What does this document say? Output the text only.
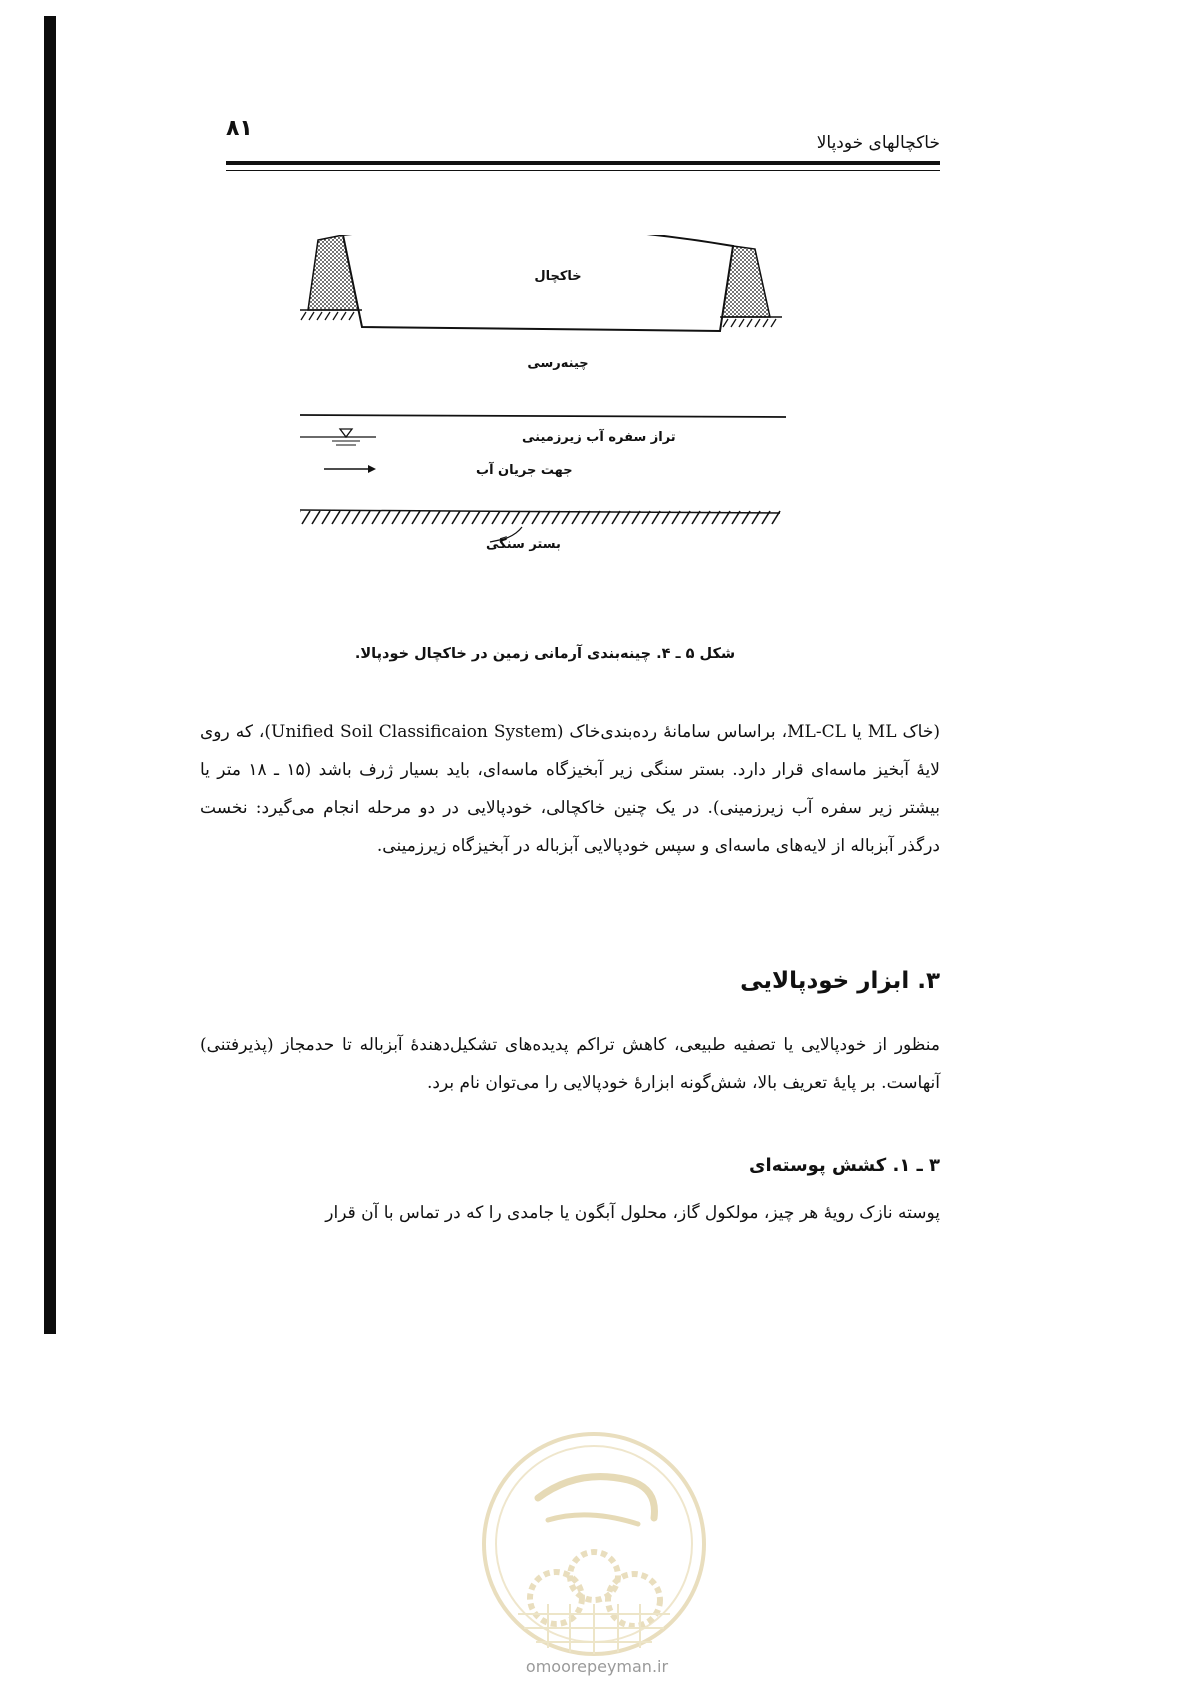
۸۱
خاکچالهای خودپالا
خاکچال
چینه‌رسی
تراز سفره آب زیرزمینی
جهت جریان آب
بستر سنگی
شکل ۵ ـ ۴. چینه‌بندی آرمانی زمین در خاکچال خودپالا.

(خاک ML یا ML-CL، براساس سامانهٔ رده‌بندی‌خاک (Unified Soil Classificaion System)، که روی لایهٔ آبخیز ماسه‌ای قرار دارد. بستر سنگی زیر آبخیزگاه ماسه‌ای، باید بسیار ژرف باشد (۱۵ ـ ۱۸ متر یا بیشتر زیر سفره آب زیرزمینی). در یک چنین خاکچالی، خودپالایی در دو مرحله انجام می‌گیرد: نخست درگذر آبزباله از لایه‌های ماسه‌ای و سپس خودپالایی آبزباله در آبخیزگاه زیرزمینی.

۳. ابزار خودپالایی

منظور از خودپالایی یا تصفیه طبیعی، کاهش تراکم پدیده‌های تشکیل‌دهندهٔ آبزباله تا حدمجاز (پذیرفتنی) آنهاست. بر پایهٔ تعریف بالا، شش‌گونه ابزارهٔ خودپالایی را می‌توان نام برد.

۳ ـ ۱. کشش پوسته‌ای

پوسته نازک رویهٔ هر چیز، مولکول گاز، محلول آبگون یا جامدی را که در تماس با آن قرار

omoorepeyman.ir
